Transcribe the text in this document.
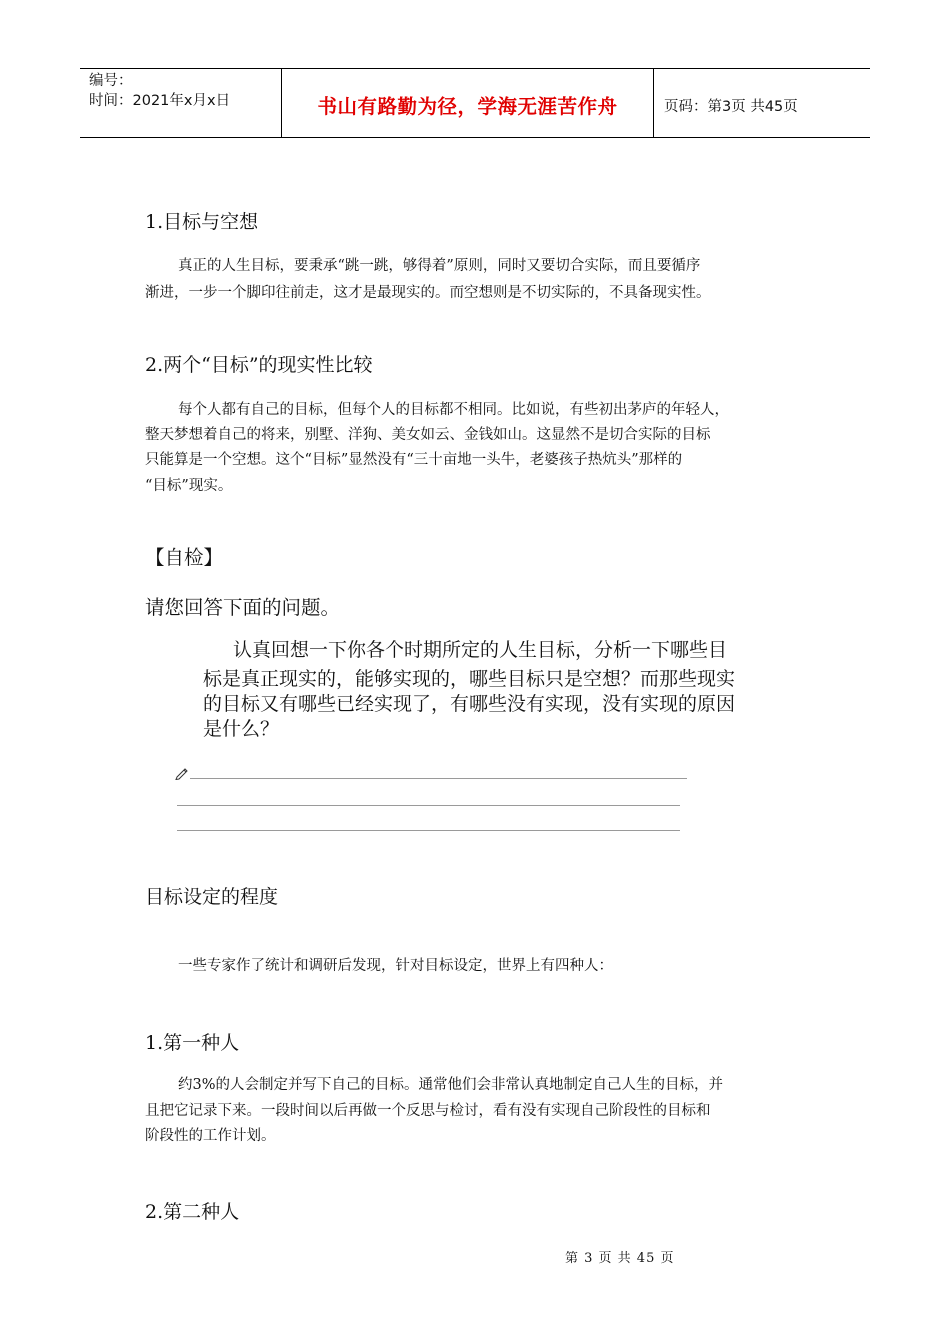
编号：
时间：2021年x月x日	书山有路勤为径，学海无涯苦作舟	页码：第3页 共45页
1.目标与空想
真正的人生目标，要秉承“跳一跳，够得着”原则，同时又要切合实际，而且要循序
渐进，一步一个脚印往前走，这才是最现实的。而空想则是不切实际的，不具备现实性。
2.两个“目标”的现实性比较
每个人都有自己的目标，但每个人的目标都不相同。比如说，有些初出茅庐的年轻人，
整天梦想着自己的将来，别墅、洋狗、美女如云、金钱如山。这显然不是切合实际的目标
只能算是一个空想。这个“目标”显然没有“三十亩地一头牛，老婆孩子热炕头”那样的
“目标”现实。
【自检】
请您回答下面的问题。
认真回想一下你各个时期所定的人生目标，分析一下哪些目
标是真正现实的，能够实现的，哪些目标只是空想？而那些现实
的目标又有哪些已经实现了，有哪些没有实现，没有实现的原因
是什么？
目标设定的程度
一些专家作了统计和调研后发现，针对目标设定，世界上有四种人：
1.第一种人
约3%的人会制定并写下自己的目标。通常他们会非常认真地制定自己人生的目标，并
且把它记录下来。一段时间以后再做一个反思与检讨，看有没有实现自己阶段性的目标和
阶段性的工作计划。
2.第二种人
第 3 页 共 45 页
